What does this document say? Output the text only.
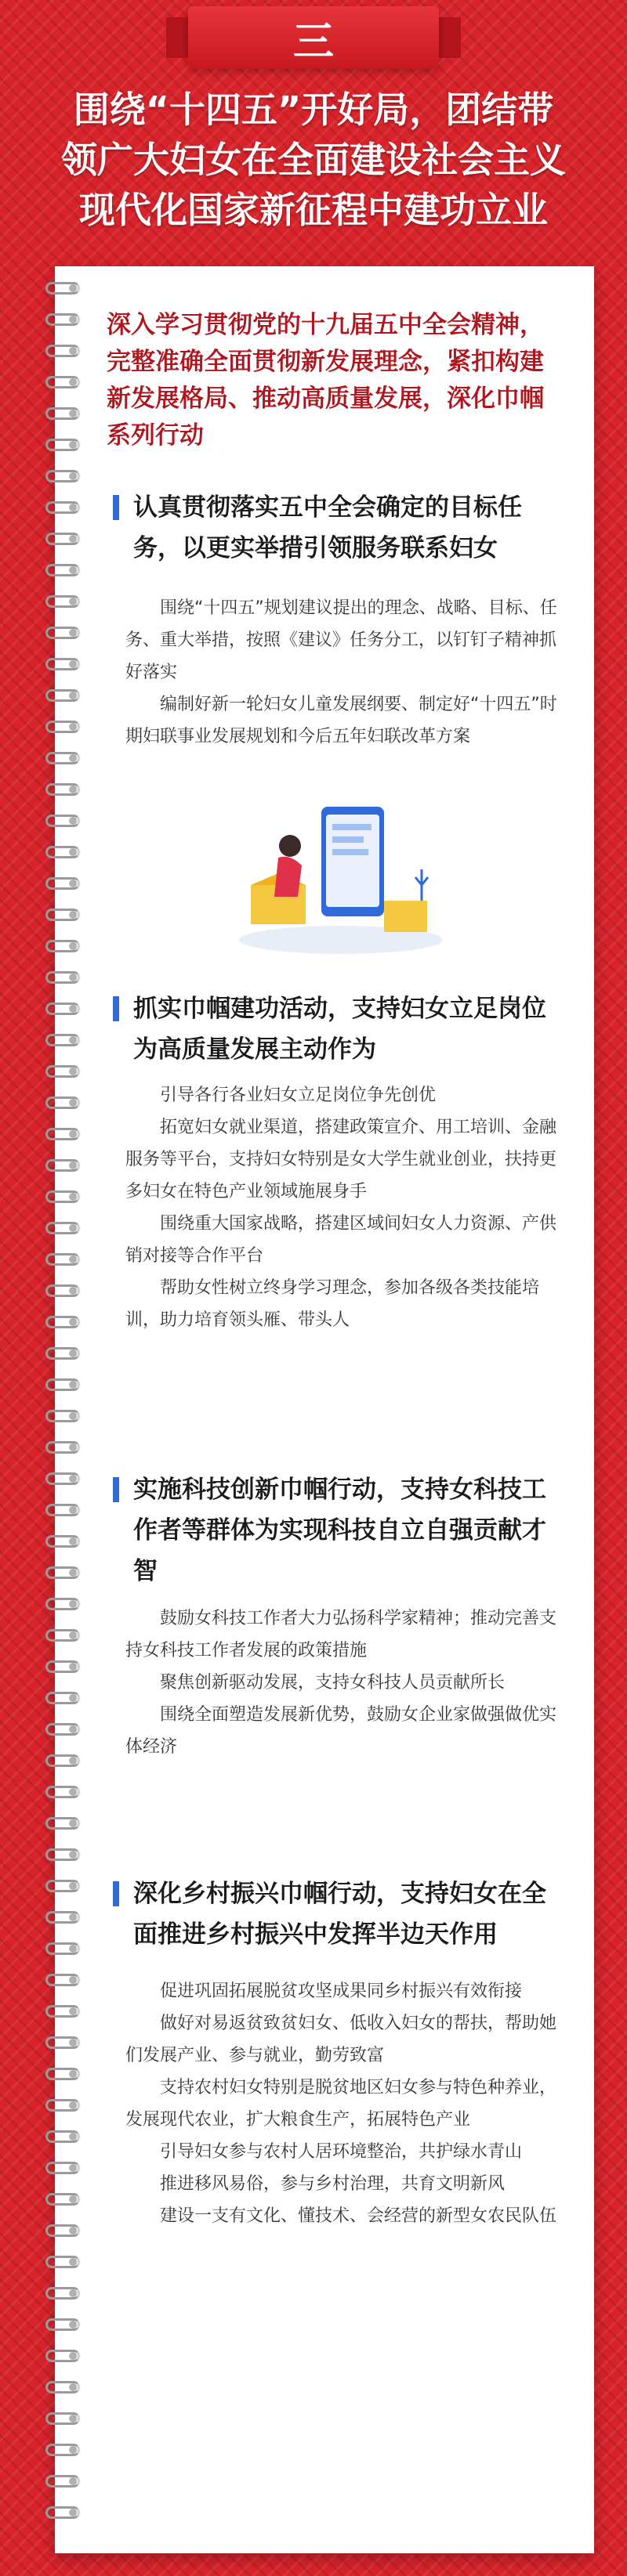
三
围绕“十四五”开好局，团结带
领广大妇女在全面建设社会主义
现代化国家新征程中建功立业
深入学习贯彻党的十九届五中全会精神，完整准确全面贯彻新发展理念，紧扣构建新发展格局、推动高质量发展，深化巾帼系列行动
认真贯彻落实五中全会确定的目标任务，以更实举措引领服务联系妇女

围绕“十四五”规划建议提出的理念、战略、目标、任务、重大举措，按照《建议》任务分工，以钉钉子精神抓好落实

编制好新一轮妇女儿童发展纲要、制定好“十四五”时期妇联事业发展规划和今后五年妇联改革方案

抓实巾帼建功活动，支持妇女立足岗位为高质量发展主动作为

引导各行各业妇女立足岗位争先创优

拓宽妇女就业渠道，搭建政策宣介、用工培训、金融服务等平台，支持妇女特别是女大学生就业创业，扶持更多妇女在特色产业领域施展身手

围绕重大国家战略，搭建区域间妇女人力资源、产供销对接等合作平台

帮助女性树立终身学习理念，参加各级各类技能培训，助力培育领头雁、带头人

实施科技创新巾帼行动，支持女科技工作者等群体为实现科技自立自强贡献才智

鼓励女科技工作者大力弘扬科学家精神；推动完善支持女科技工作者发展的政策措施

聚焦创新驱动发展，支持女科技人员贡献所长

围绕全面塑造发展新优势，鼓励女企业家做强做优实体经济

深化乡村振兴巾帼行动，支持妇女在全面推进乡村振兴中发挥半边天作用

促进巩固拓展脱贫攻坚成果同乡村振兴有效衔接

做好对易返贫致贫妇女、低收入妇女的帮扶，帮助她们发展产业、参与就业，勤劳致富

支持农村妇女特别是脱贫地区妇女参与特色种养业，发展现代农业，扩大粮食生产，拓展特色产业

引导妇女参与农村人居环境整治，共护绿水青山

推进移风易俗，参与乡村治理，共育文明新风

建设一支有文化、懂技术、会经营的新型女农民队伍
